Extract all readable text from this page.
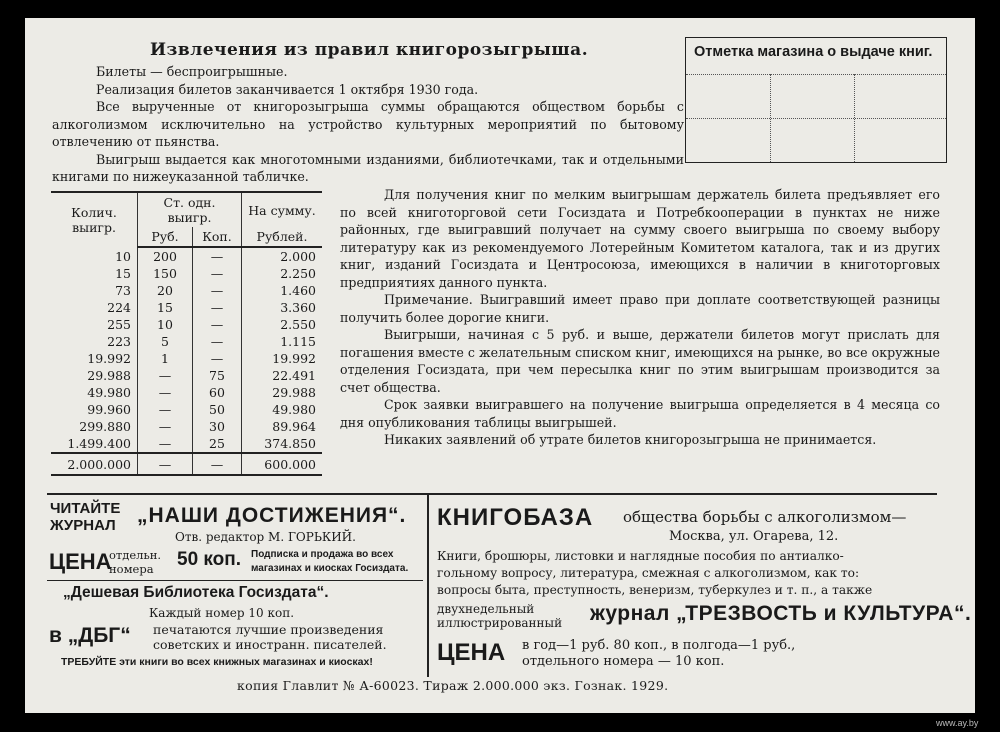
Извлечения из правил книгорозыгрыша.

Билеты — беспроигрышные.

Реализация билетов заканчивается 1 октября 1930 года.

Все вырученные от книгорозыгрыша суммы обращаются обществом борьбы с алкоголизмом исключительно на устройство культурных мероприятий по бытовому отвлечению от пьянства.

Выигрыш выдается как многотомными изданиями, библиотечками, так и отдельными книгами по нижеуказанной табличке.

Отметка магазина о выдаче книг.
Колич. выигр.	Ст. одн. выигр.		На сумму.
	Руб.	Коп.	Рублей.
10	200	—	2.000
15	150	—	2.250
73	20	—	1.460
224	15	—	3.360
255	10	—	2.550
223	5	—	1.115
19.992	1	—	19.992
29.988	—	75	22.491
49.980	—	60	29.988
99.960	—	50	49.980
299.880	—	30	89.964
1.499.400	—	25	374.850
2.000.000	—	—	600.000

Для получения книг по мелким выигрышам держатель билета предъявляет его по всей книготорговой сети Госиздата и Потребкооперации в пунктах не ниже районных, где выигравший получает на сумму своего выигрыша по своему выбору литературу как из рекомендуемого Лотерейным Комитетом каталога, так и из других книг, изданий Госиздата и Центросоюза, имеющихся в наличии в книготорговых предприятиях данного пункта.

Примечание. Выигравший имеет право при доплате соответствующей разницы получить более дорогие книги.

Выигрыши, начиная с 5 руб. и выше, держатели билетов могут прислать для погашения вместе с желательным списком книг, имеющихся на рынке, во все окружные отделения Госиздата, при чем пересылка книг по этим выигрышам производится за счет общества.

Срок заявки выигравшего на получение выигрыша определяется в 4 месяца со дня опубликования таблицы выигрышей.

Никаких заявлений об утрате билетов книгорозыгрыша не принимается.

ЧИТАЙТЕ
ЖУРНАЛ „НАШИ ДОСТИЖЕНИЯ“.
Отв. редактор М. ГОРЬКИЙ.
ЦЕНА
отдельн.
номера	50 коп. Подписка и продажа во всех
магазинах и киосках Госиздата.
„Дешевая Библиотека Госиздата“.
Каждый номер 10 коп.
в „ДБГ“ печатаются лучшие произведения
советских и иностранн. писателей.
ТРЕБУЙТЕ эти книги во всех книжных магазинах и киосках!
КНИГОБАЗА общества борьбы с алкоголизмом—
Москва, ул. Огарева, 12.
Книги, брошюры, листовки и наглядные пособия по антиалко-
гольному вопросу, литература, смежная с алкоголизмом, как то:
вопросы быта, преступность, венеризм, туберкулез и т. п., а также
двухнедельный
иллюстрированный журнал „ТРЕЗВОСТЬ и КУЛЬТУРА“.
ЦЕНА в год—1 руб. 80 коп., в полгода—1 руб.,
отдельного номера — 10 коп.
копия Главлит № А-60023. Тираж 2.000.000 экз. Гознак. 1929.
www.ay.by
